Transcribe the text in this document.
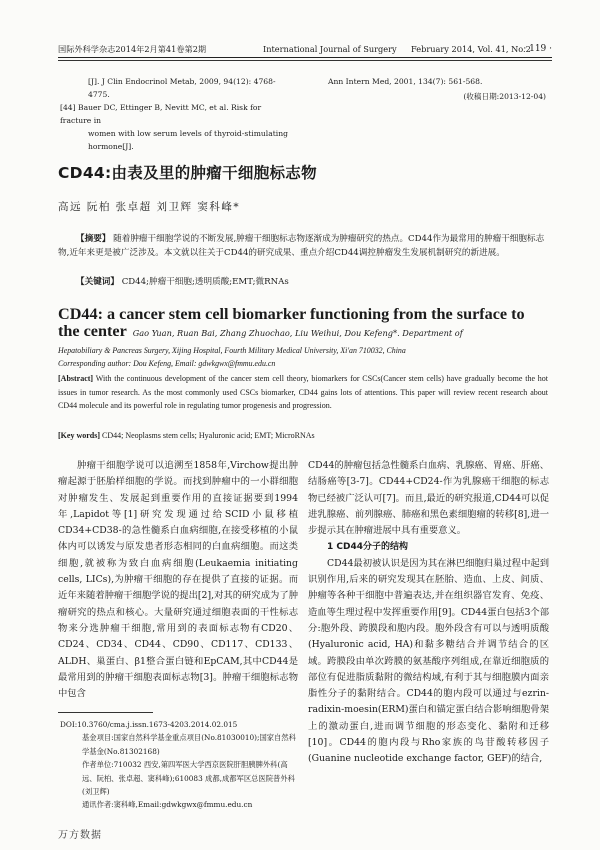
国际外科学杂志2014年2月第41卷第2期	International Journal of Surgery February 2014, Vol. 41, No.2
· 119 ·
[J]. J Clin Endocrinol Metab, 2009, 94(12): 4768-4775.
[44] Bauer DC, Ettinger B, Nevitt MC, et al. Risk for fracture in
women with low serum levels of thyroid-stimulating hormone[J].
Ann Intern Med, 2001, 134(7): 561-568.
(收稿日期:2013-12-04)
CD44:由表及里的肿瘤干细胞标志物
高远 阮柏 张卓超 刘卫辉 窦科峰*
【摘要】 随着肿瘤干细胞学说的不断发展,肿瘤干细胞标志物逐渐成为肿瘤研究的热点。CD44作为最常用的肿瘤干细胞标志物,近年来更是被广泛涉及。本文就以往关于CD44的研究成果、重点介绍CD44调控肿瘤发生发展机制研究的新进展。
【关键词】 CD44;肿瘤干细胞;透明质酸;EMT;微RNAs
CD44: a cancer stem cell biomarker functioning from the surface to
the center Gao Yuan, Ruan Bai, Zhang Zhuochao, Liu Weihui, Dou Kefeng*. Department of
Hepatobiliary & Pancreas Surgery, Xijing Hospital, Fourth Military Medical University, Xi'an 710032, China
Corresponding author: Dou Kefeng, Email: gdwkgwx@fmmu.edu.cn
[Abstract] With the continuous development of the cancer stem cell theory, biomarkers for CSCs(Cancer stem cells) have gradually become the hot issues in tumor research. As the most commonly used CSCs biomarker, CD44 gains lots of attentions. This paper will review recent research about CD44 molecule and its powerful role in regulating tumor progenesis and progression.
[Key words] CD44; Neoplasms stem cells; Hyaluronic acid; EMT; MicroRNAs

肿瘤干细胞学说可以追溯至1858年,Virchow提出肿瘤起源于胚胎样细胞的学说。而找到肿瘤中的一小群细胞对肿瘤发生、发展起到重要作用的直接证据要到1994年,Lapidot等[1]研究发现通过给SCID小鼠移植CD34+CD38-的急性髓系白血病细胞,在接受移植的小鼠体内可以诱发与原发患者形态相同的白血病细胞。而这类细胞,就被称为致白血病细胞(Leukaemia initiating cells, LICs),为肿瘤干细胞的存在提供了直接的证据。而近年来随着肿瘤干细胞学说的提出[2],对其的研究成为了肿瘤研究的热点和核心。大量研究通过细胞表面的干性标志物来分选肿瘤干细胞,常用到的表面标志物有CD20、CD24、CD34、CD44、CD90、CD117、CD133、ALDH、巢蛋白、β1整合蛋白链和EpCAM,其中CD44是最常用到的肿瘤干细胞表面标志物[3]。肿瘤干细胞标志物中包含

CD44的肿瘤包括急性髓系白血病、乳腺癌、胃癌、肝癌、结肠癌等[3-7]。CD44+CD24-作为乳腺癌干细胞的标志物已经被广泛认可[7]。而且,最近的研究报道,CD44可以促进乳腺癌、前列腺癌、肺癌和黑色素细胞瘤的转移[8],进一步提示其在肿瘤进展中具有重要意义。

1 CD44分子的结构

CD44最初被认识是因为其在淋巴细胞归巢过程中起到识别作用,后来的研究发现其在胚胎、造血、上皮、间质、肿瘤等各种干细胞中普遍表达,并在组织器官发育、免疫、造血等生理过程中发挥重要作用[9]。CD44蛋白包括3个部分:胞外段、跨膜段和胞内段。胞外段含有可以与透明质酸(Hyaluronic acid, HA)和黏多糖结合并调节结合的区域。跨膜段由单次跨膜的氨基酸序列组成,在靠近细胞质的部位有促进脂质黏附的微结构域,有利于其与细胞膜内面亲脂性分子的黏附结合。CD44的胞内段可以通过与ezrin-radixin-moesin(ERM)蛋白和锚定蛋白结合影响细胞骨架上的激动蛋白,进而调节细胞的形态变化、黏附和迁移[10]。CD44的胞内段与Rho家族的鸟苷酸转移因子(Guanine nucleotide exchange factor, GEF)的结合,

DOI:10.3760/cma.j.issn.1673-4203.2014.02.015
基金项目:国家自然科学基金重点项目(No.81030010);国家自然科学基金(No.81302168)
作者单位:710032 西安,第四军医大学西京医院肝胆胰脾外科(高远、阮柏、张卓超、窦科峰);610083 成都,成都军区总医院普外科(刘卫辉)
通讯作者:窦科峰,Email:gdwkgwx@fmmu.edu.cn
万方数据
